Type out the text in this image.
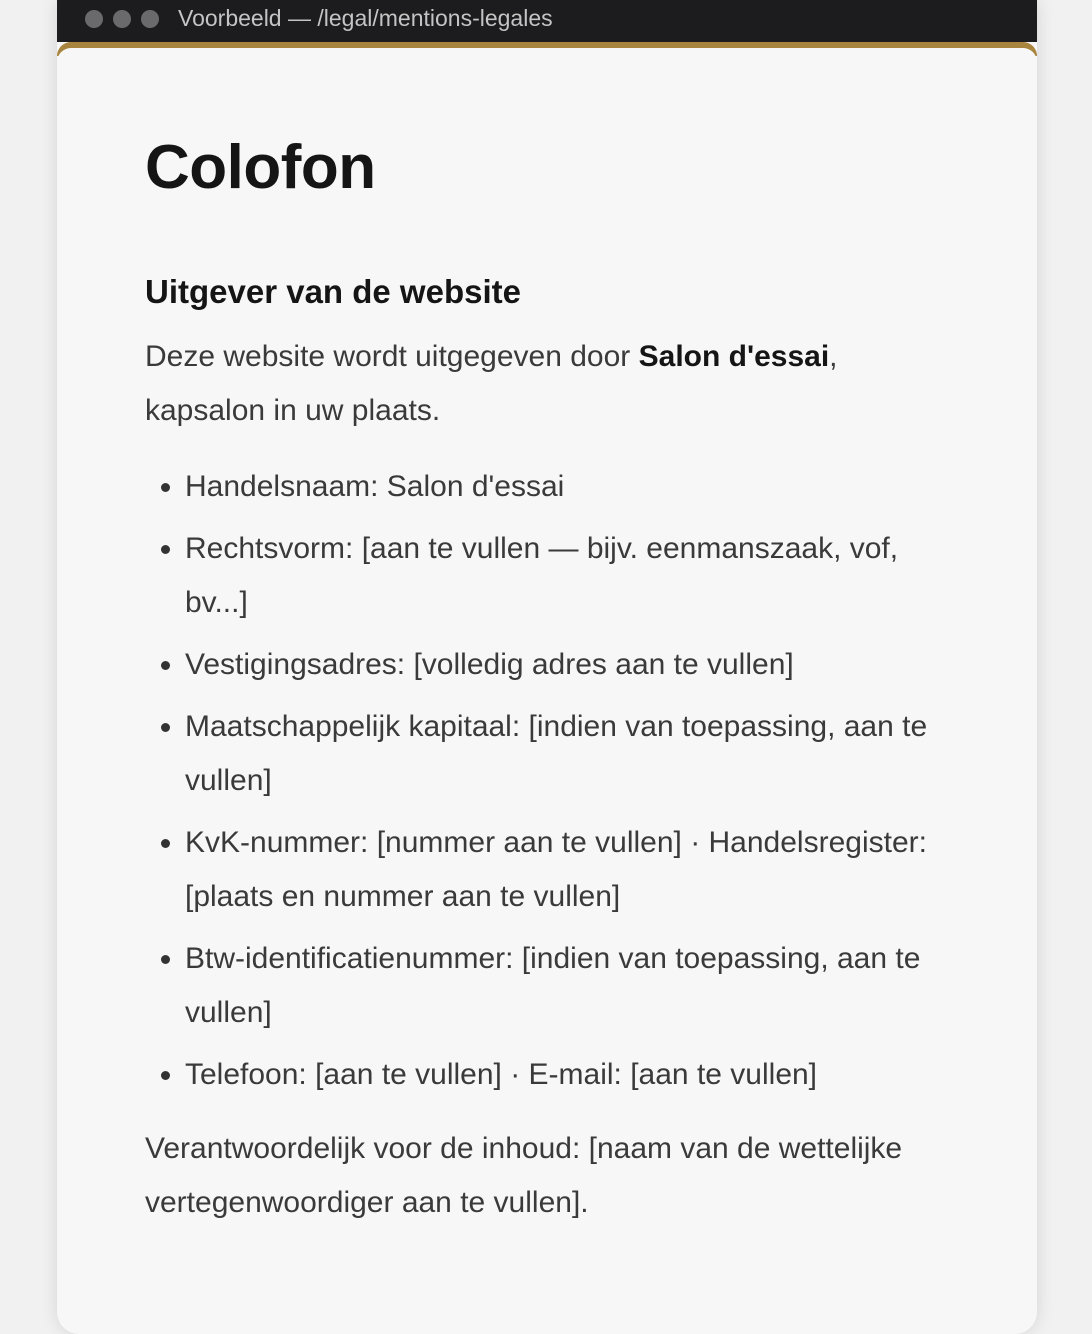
Voorbeeld — /legal/mentions-legales
Colofon
Uitgever van de website

Deze website wordt uitgegeven door Salon d'essai, kapsalon in uw plaats.

• Handelsnaam: Salon d'essai
• Rechtsvorm: [aan te vullen — bijv. eenmanszaak, vof, bv...]
• Vestigingsadres: [volledig adres aan te vullen]
• Maatschappelijk kapitaal: [indien van toepassing, aan te vullen]
• KvK-nummer: [nummer aan te vullen] · Handelsregister: [plaats en nummer aan te vullen]
• Btw-identificatienummer: [indien van toepassing, aan te vullen]
• Telefoon: [aan te vullen] · E-mail: [aan te vullen]

Verantwoordelijk voor de inhoud: [naam van de wettelijke vertegenwoordiger aan te vullen].
